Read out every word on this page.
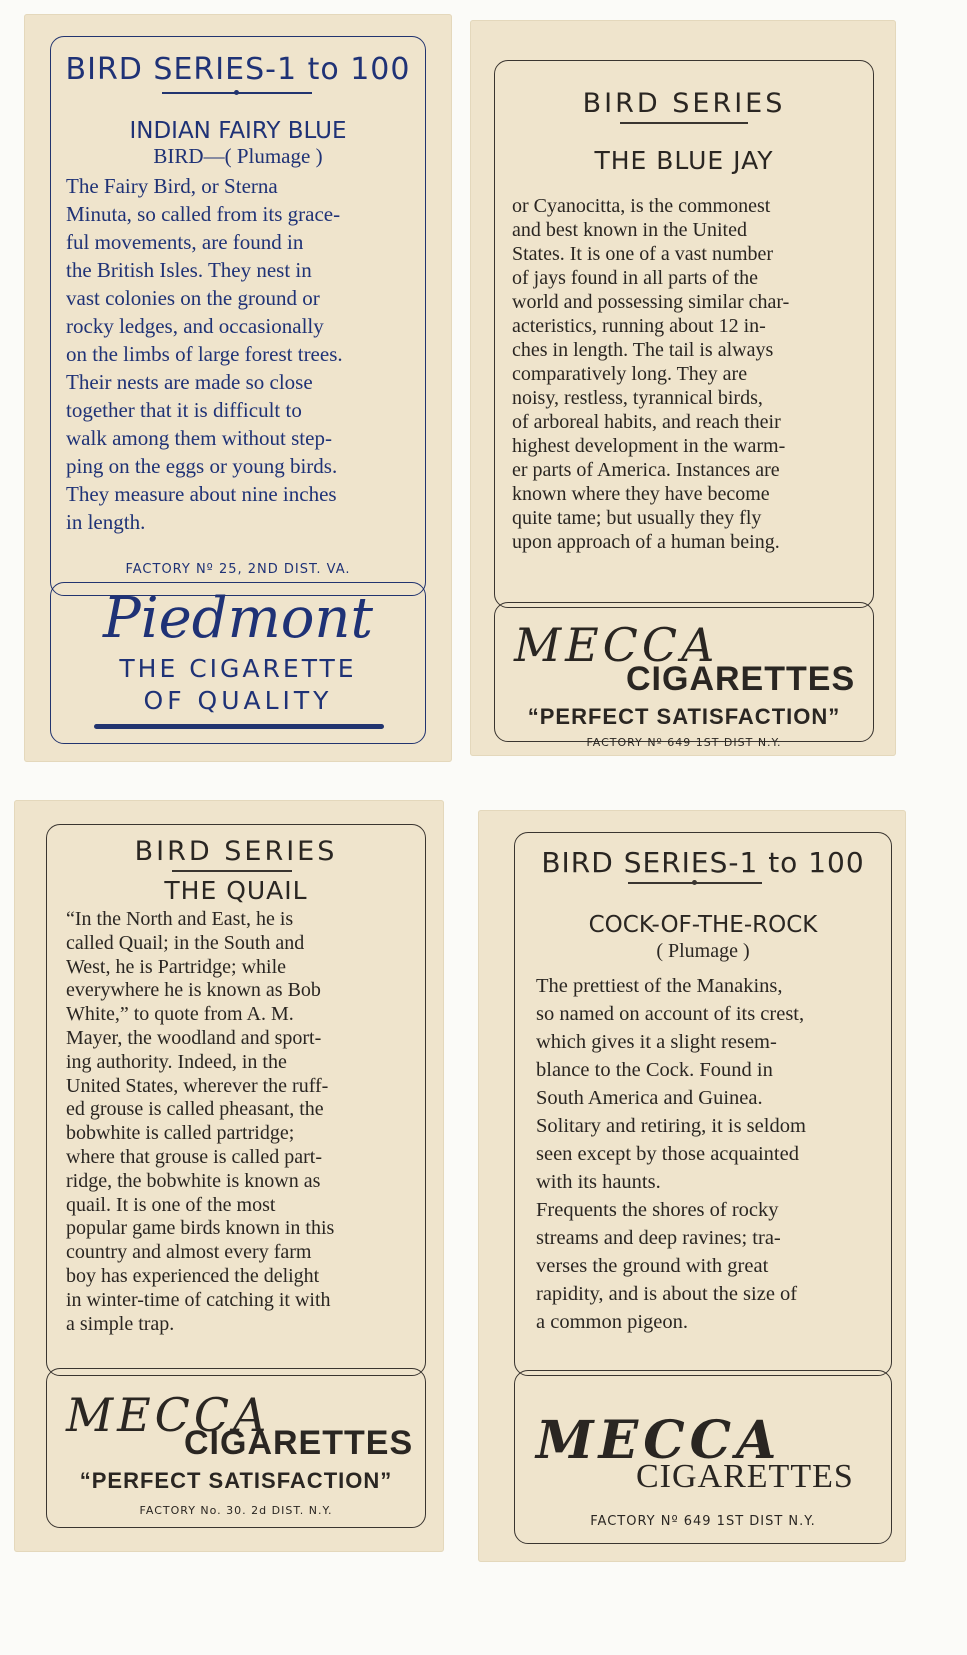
BIRD SERIES-1 to 100
INDIAN FAIRY BLUE
BIRD—( Plumage )
The Fairy Bird, or Sterna
Minuta, so called from its grace-
ful movements, are found in
the British Isles. They nest in
vast colonies on the ground or
rocky ledges, and occasionally
on the limbs of large forest trees.
Their nests are made so close
together that it is difficult to
walk among them without step-
ping on the eggs or young birds.
They measure about nine inches
in length.
FACTORY Nº 25, 2ND DIST. VA.
Piedmont
THE CIGARETTE
OF QUALITY
BIRD SERIES
THE BLUE JAY
or Cyanocitta, is the commonest
and best known in the United
States. It is one of a vast number
of jays found in all parts of the
world and possessing similar char-
acteristics, running about 12 in-
ches in length. The tail is always
comparatively long. They are
noisy, restless, tyrannical birds,
of arboreal habits, and reach their
highest development in the warm-
er parts of America. Instances are
known where they have become
quite tame; but usually they fly
upon approach of a human being.
MECCA
CIGARETTES
“PERFECT SATISFACTION”
FACTORY Nº 649 1ST DIST N.Y.
BIRD SERIES
THE QUAIL
“In the North and East, he is
called Quail; in the South and
West, he is Partridge; while
everywhere he is known as Bob
White,” to quote from A. M.
Mayer, the woodland and sport-
ing authority. Indeed, in the
United States, wherever the ruff-
ed grouse is called pheasant, the
bobwhite is called partridge;
where that grouse is called part-
ridge, the bobwhite is known as
quail. It is one of the most
popular game birds known in this
country and almost every farm
boy has experienced the delight
in winter-time of catching it with
a simple trap.
MECCA
CIGARETTES
“PERFECT SATISFACTION”
FACTORY No. 30. 2d DIST. N.Y.
BIRD SERIES-1 to 100
COCK-OF-THE-ROCK
( Plumage )
The prettiest of the Manakins,
so named on account of its crest,
which gives it a slight resem-
blance to the Cock. Found in
South America and Guinea.
Solitary and retiring, it is seldom
seen except by those acquainted
with its haunts.
Frequents the shores of rocky
streams and deep ravines; tra-
verses the ground with great
rapidity, and is about the size of
a common pigeon.
MECCA
CIGARETTES
FACTORY Nº 649 1ST DIST N.Y.
